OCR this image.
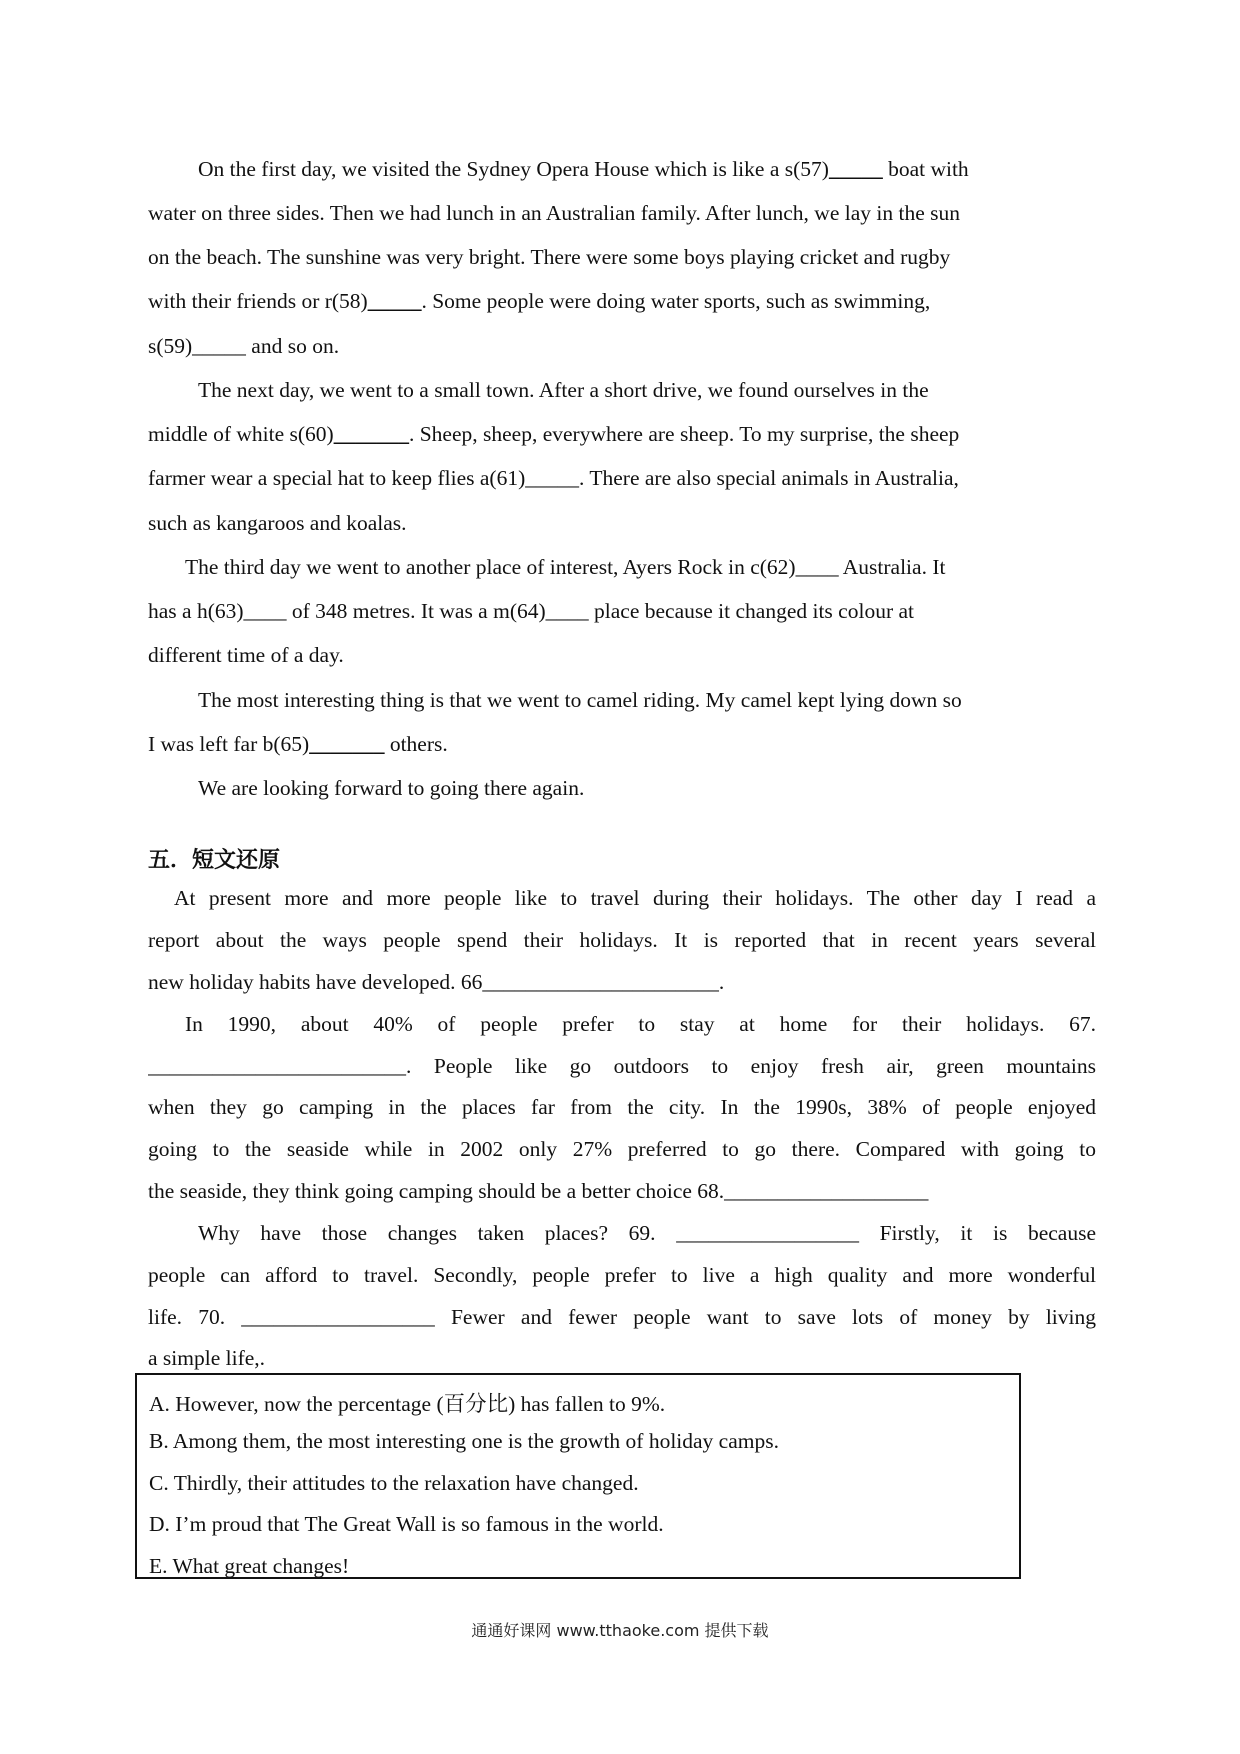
On the first day, we visited the Sydney Opera House which is like a s(57)_____ boat with
water on three sides. Then we had lunch in an Australian family. After lunch, we lay in the sun
on the beach. The sunshine was very bright. There were some boys playing cricket and rugby
with their friends or r(58)_____. Some people were doing water sports, such as swimming,
s(59)_____ and so on.
The next day, we went to a small town. After a short drive, we found ourselves in the
middle of white s(60)_______. Sheep, sheep, everywhere are sheep. To my surprise, the sheep
farmer wear a special hat to keep flies a(61)_____. There are also special animals in Australia,
such as kangaroos and koalas.
The third day we went to another place of interest, Ayers Rock in c(62)____ Australia. It
has a h(63)____ of 348 metres. It was a m(64)____ place because it changed its colour at
different time of a day.
The most interesting thing is that we went to camel riding. My camel kept lying down so
I was left far b(65)_______ others.
We are looking forward to going there again.
五．短文还原
At present more and more people like to travel during their holidays. The other day I read a
report about the ways people spend their holidays. It is reported that in recent years several
new holiday habits have developed. 66______________________.
In 1990, about 40% of people prefer to stay at home for their holidays. 67.
________________________. People like go outdoors to enjoy fresh air, green mountains
when they go camping in the places far from the city. In the 1990s, 38% of people enjoyed
going to the seaside while in 2002 only 27% preferred to go there. Compared with going to
the seaside, they think going camping should be a better choice 68.___________________
Why have those changes taken places? 69. _________________ Firstly, it is because
people can afford to travel. Secondly, people prefer to live a high quality and more wonderful
life. 70. __________________ Fewer and fewer people want to save lots of money by living
a simple life,.
A. However, now the percentage (百分比) has fallen to 9%.
B. Among them, the most interesting one is the growth of holiday camps.
C. Thirdly, their attitudes to the relaxation have changed.
D. I’m proud that The Great Wall is so famous in the world.
E. What great changes!
通通好课网 www.tthaoke.com 提供下载
